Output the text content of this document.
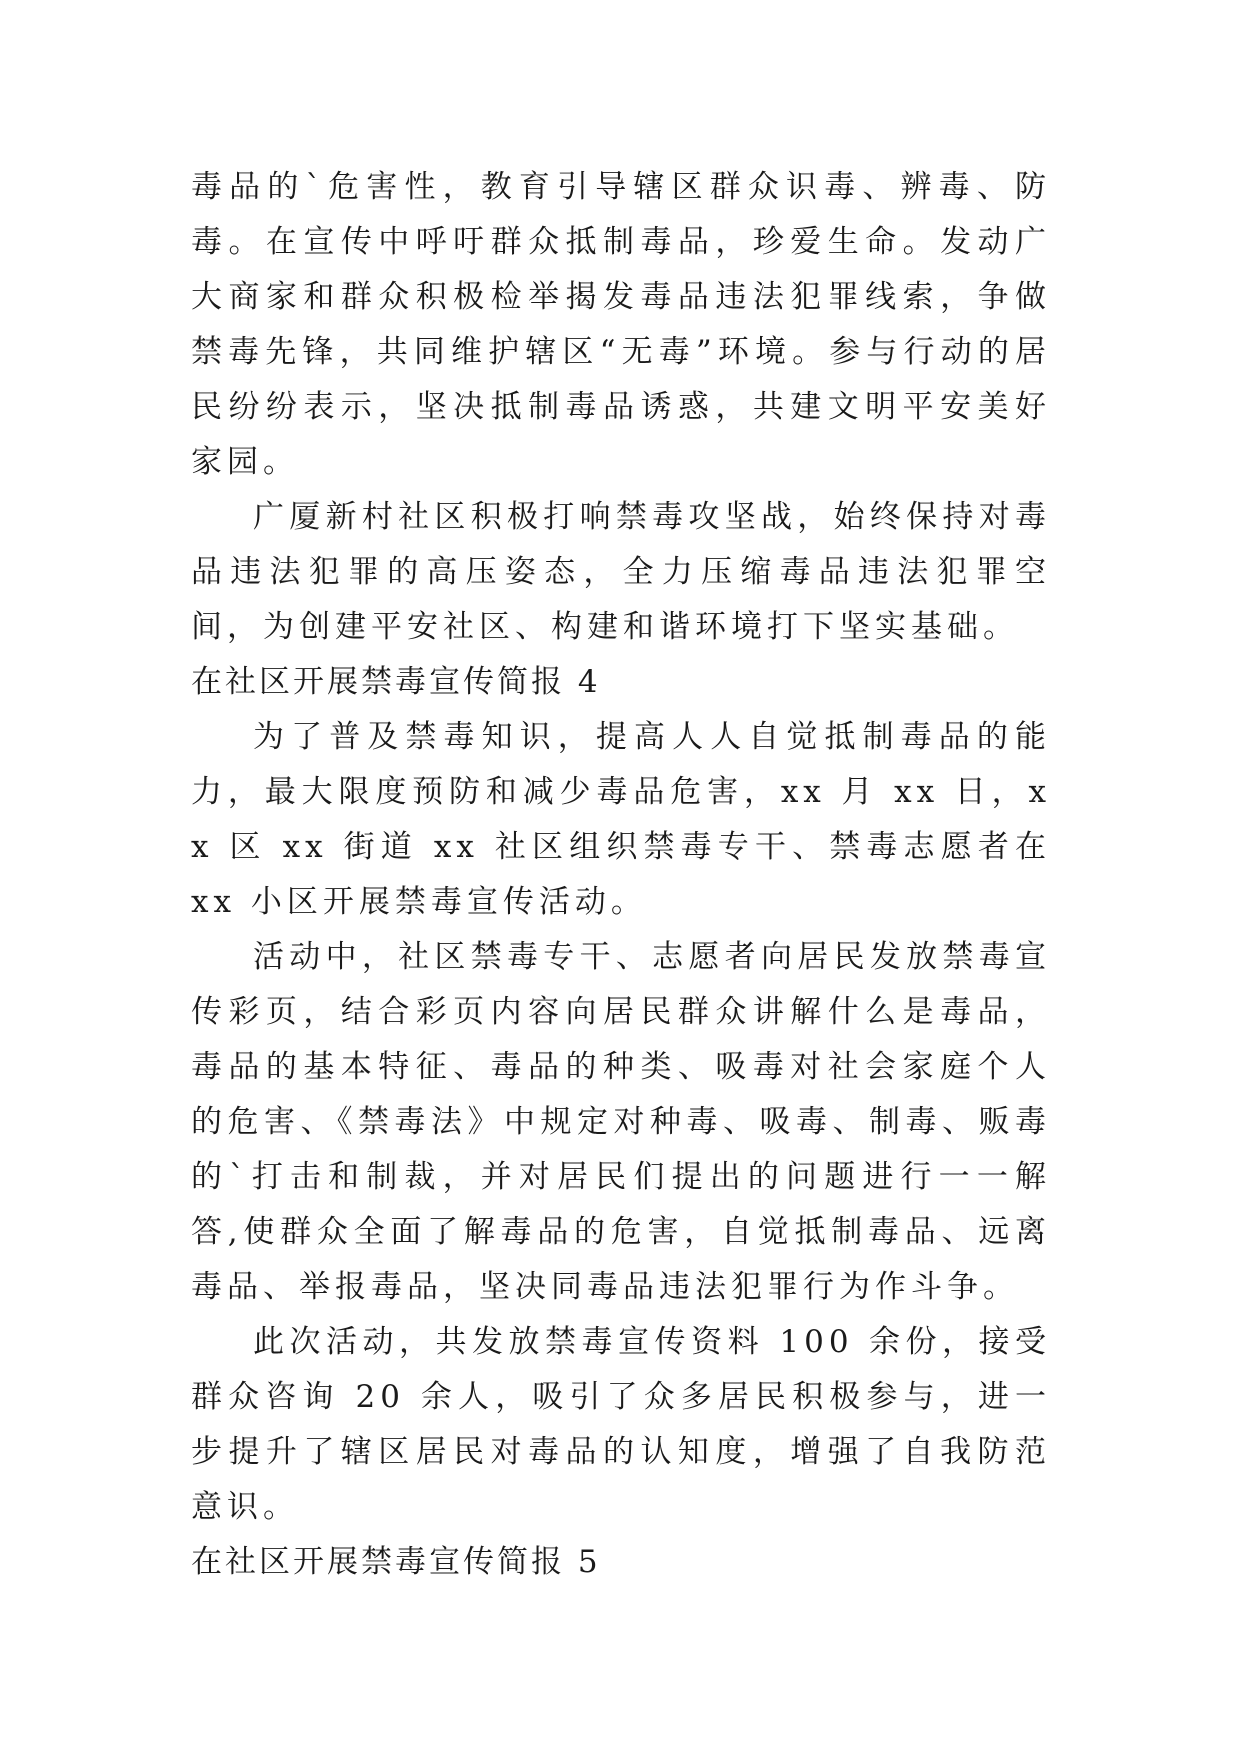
毒品的`危害性，教育引导辖区群众识毒、辨毒、防毒。在宣传中呼吁群众抵制毒品，珍爱生命。发动广大商家和群众积极检举揭发毒品违法犯罪线索，争做禁毒先锋，共同维护辖区“无毒”环境。参与行动的居民纷纷表示，坚决抵制毒品诱惑，共建文明平安美好家园。

广厦新村社区积极打响禁毒攻坚战，始终保持对毒品违法犯罪的高压姿态，全力压缩毒品违法犯罪空间，为创建平安社区、构建和谐环境打下坚实基础。

在社区开展禁毒宣传简报 4

为了普及禁毒知识，提高人人自觉抵制毒品的能力，最大限度预防和减少毒品危害，xx 月 xx 日，xx 区 xx 街道 xx 社区组织禁毒专干、禁毒志愿者在 xx 小区开展禁毒宣传活动。

活动中，社区禁毒专干、志愿者向居民发放禁毒宣传彩页，结合彩页内容向居民群众讲解什么是毒品，毒品的基本特征、毒品的种类、吸毒对社会家庭个人的危害、《禁毒法》中规定对种毒、吸毒、制毒、贩毒的`打击和制裁，并对居民们提出的问题进行一一解答,使群众全面了解毒品的危害，自觉抵制毒品、远离毒品、举报毒品，坚决同毒品违法犯罪行为作斗争。

此次活动，共发放禁毒宣传资料 100 余份，接受群众咨询 20 余人，吸引了众多居民积极参与，进一步提升了辖区居民对毒品的认知度，增强了自我防范意识。

在社区开展禁毒宣传简报 5
